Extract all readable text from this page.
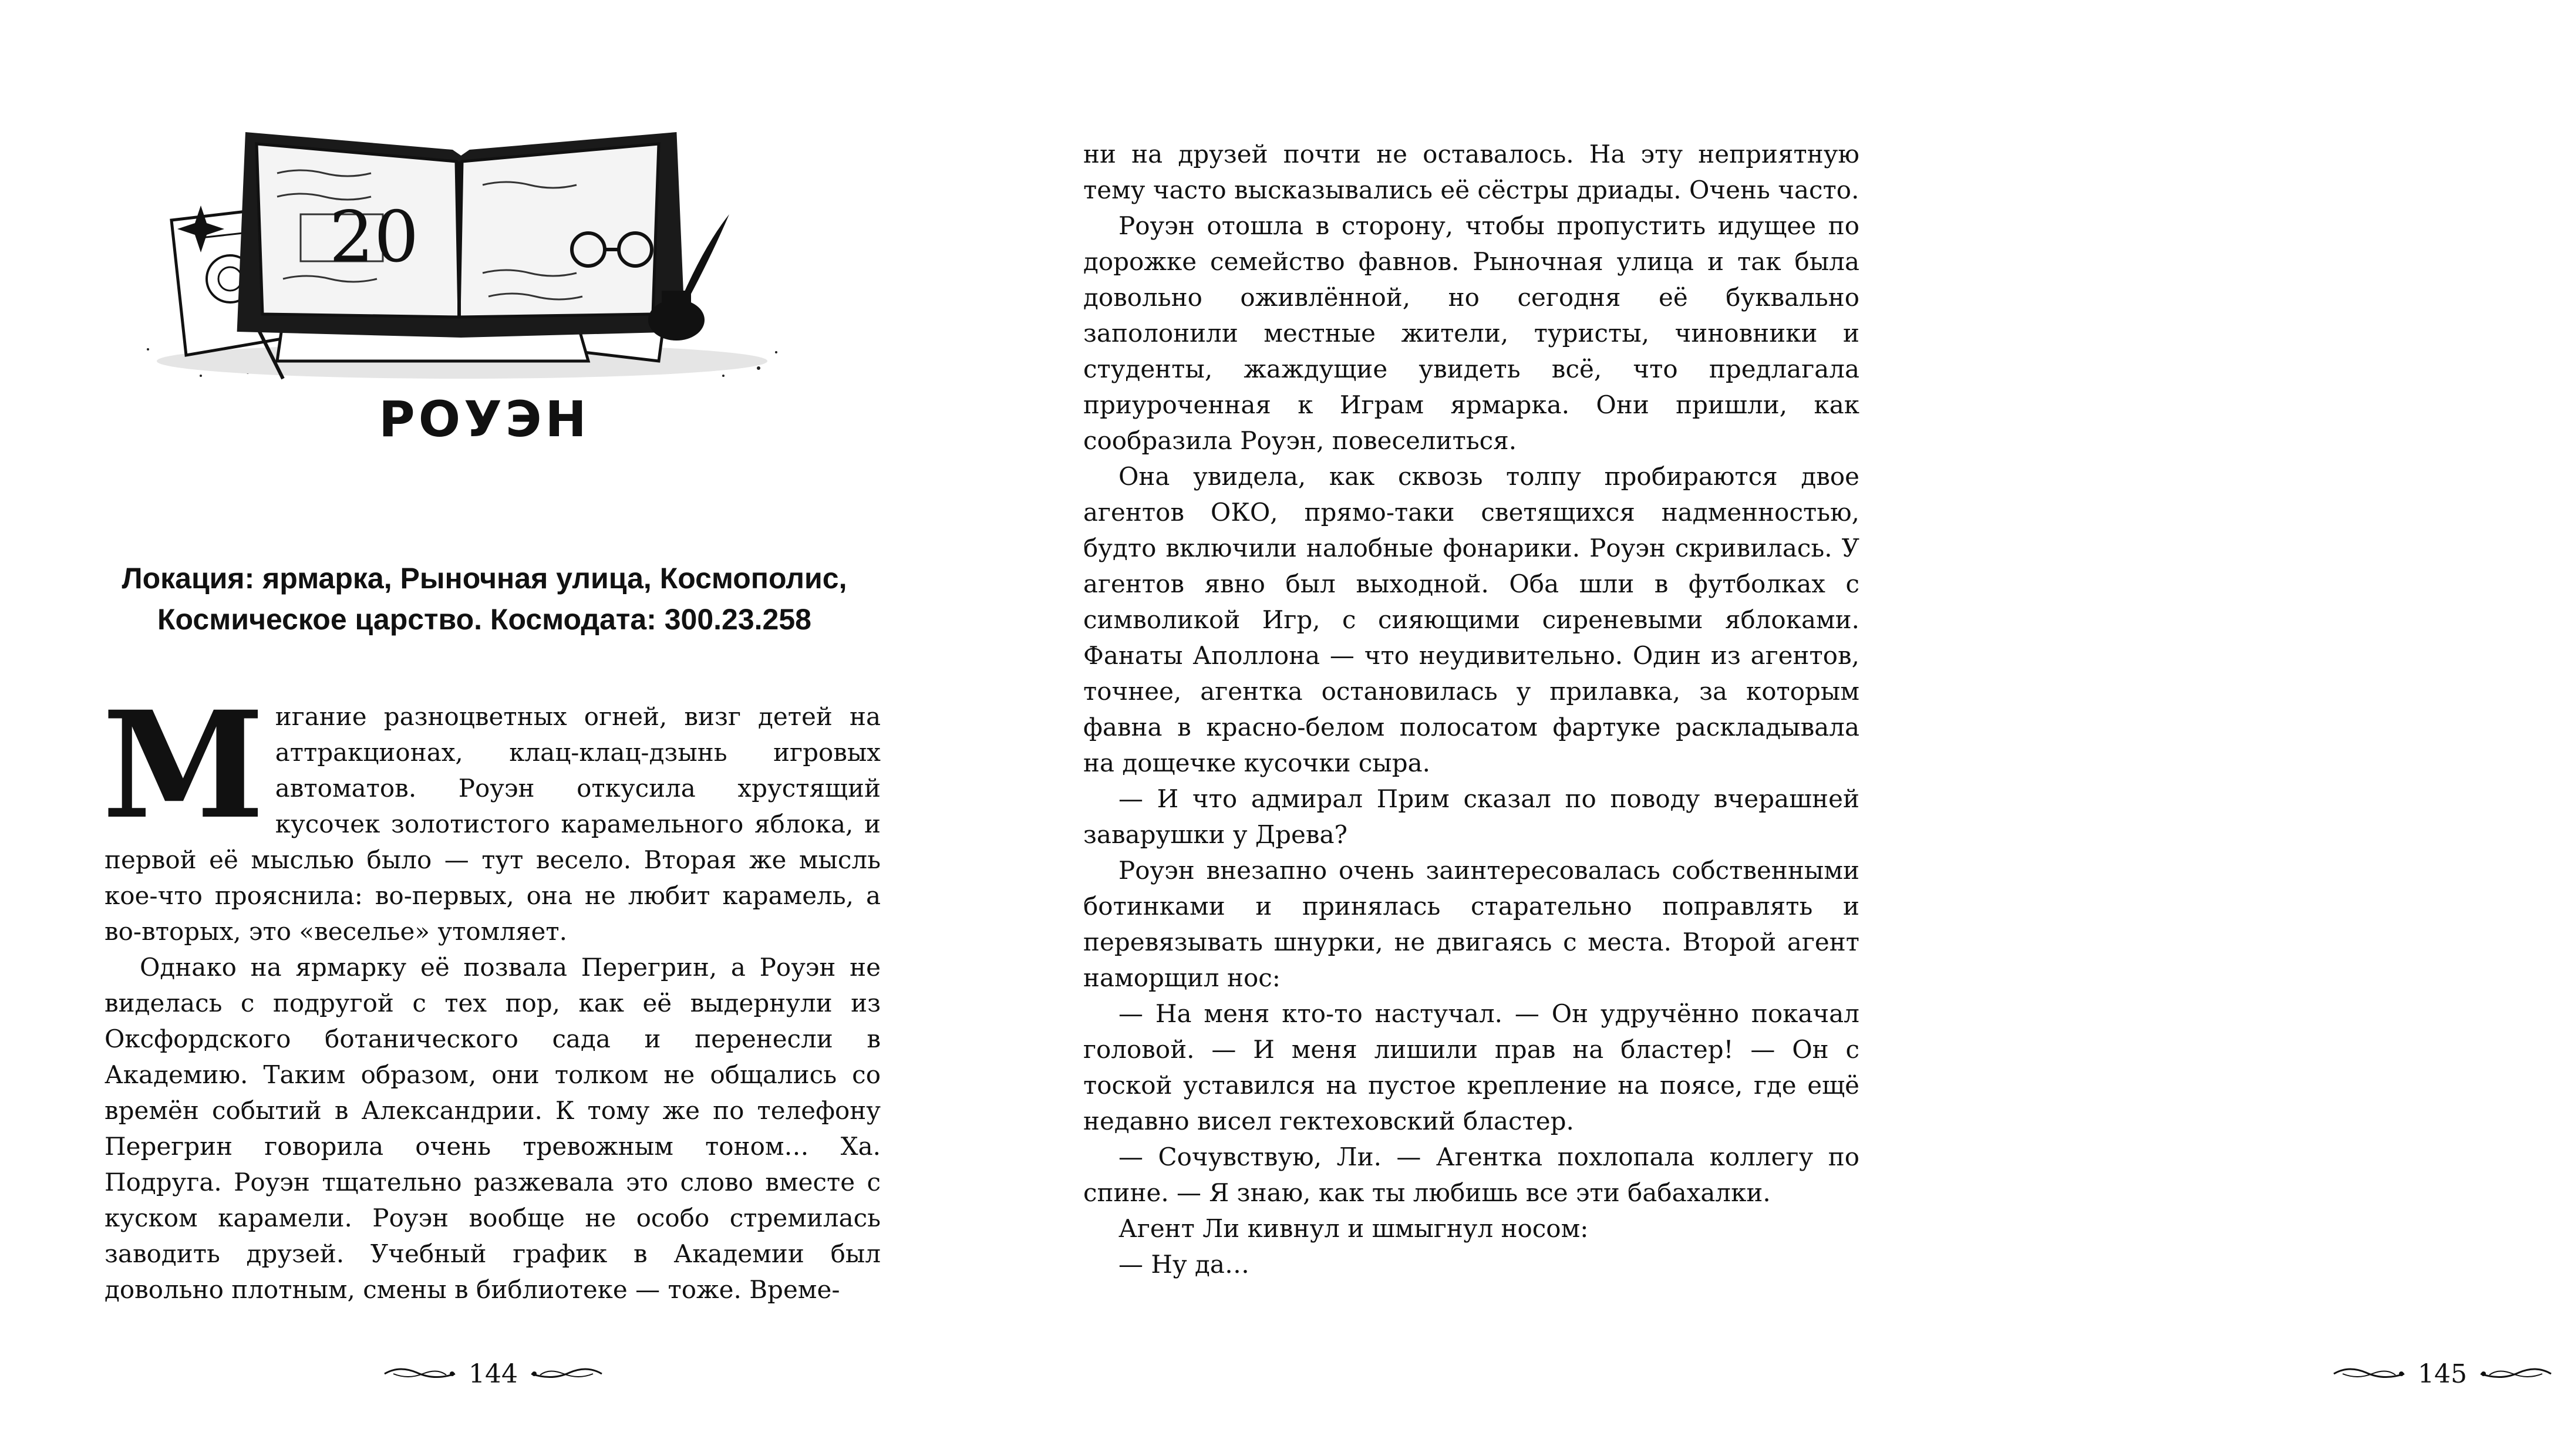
20
РОУЭН
Локация: ярмарка, Рыночная улица, Космополис,
Космическое царство. Космодата: 300.23.258

Мигание разноцветных огней, визг детей на аттракционах, клац-клац-дзынь игровых автоматов. Роуэн откусила хрустящий кусочек золотистого карамельного яблока, и первой её мыслью было — тут весело. Вторая же мысль кое-что прояснила: во-первых, она не любит карамель, а во-вторых, это «веселье» утомляет.

Однако на ярмарку её позвала Перегрин, а Роуэн не виделась с подругой с тех пор, как её выдернули из Оксфордского ботанического сада и перенесли в Академию. Таким образом, они толком не общались со времён событий в Александрии. К тому же по телефону Перегрин говорила очень тревожным тоном… Ха. Подруга. Роуэн тщательно разжевала это слово вместе с куском карамели. Роуэн вообще не особо стремилась заводить друзей. Учебный график в Академии был довольно плотным, смены в библиотеке — тоже. Време-

144

ни на друзей почти не оставалось. На эту неприятную тему часто высказывались её сёстры дриады. Очень часто.

Роуэн отошла в сторону, чтобы пропустить идущее по дорожке семейство фавнов. Рыночная улица и так была довольно оживлённой, но сегодня её буквально заполонили местные жители, туристы, чиновники и студенты, жаждущие увидеть всё, что предлагала приуроченная к Играм ярмарка. Они пришли, как сообразила Роуэн, повеселиться.

Она увидела, как сквозь толпу пробираются двое агентов ОКО, прямо-таки светящихся надменностью, будто включили налобные фонарики. Роуэн скривилась. У агентов явно был выходной. Оба шли в футболках с символикой Игр, с сияющими сиреневыми яблоками. Фанаты Аполлона — что неудивительно. Один из агентов, точнее, агентка остановилась у прилавка, за которым фавна в красно-белом полосатом фартуке раскладывала на дощечке кусочки сыра.

— И что адмирал Прим сказал по поводу вчерашней заварушки у Древа?

Роуэн внезапно очень заинтересовалась собственными ботинками и принялась старательно поправлять и перевязывать шнурки, не двигаясь с места. Второй агент наморщил нос:

— На меня кто-то настучал. — Он удручённо покачал головой. — И меня лишили прав на бластер! — Он с тоской уставился на пустое крепление на поясе, где ещё недавно висел гектеховский бластер.

— Сочувствую, Ли. — Агентка похлопала коллегу по спине. — Я знаю, как ты любишь все эти бабахалки.

Агент Ли кивнул и шмыгнул носом:

— Ну да…

145
